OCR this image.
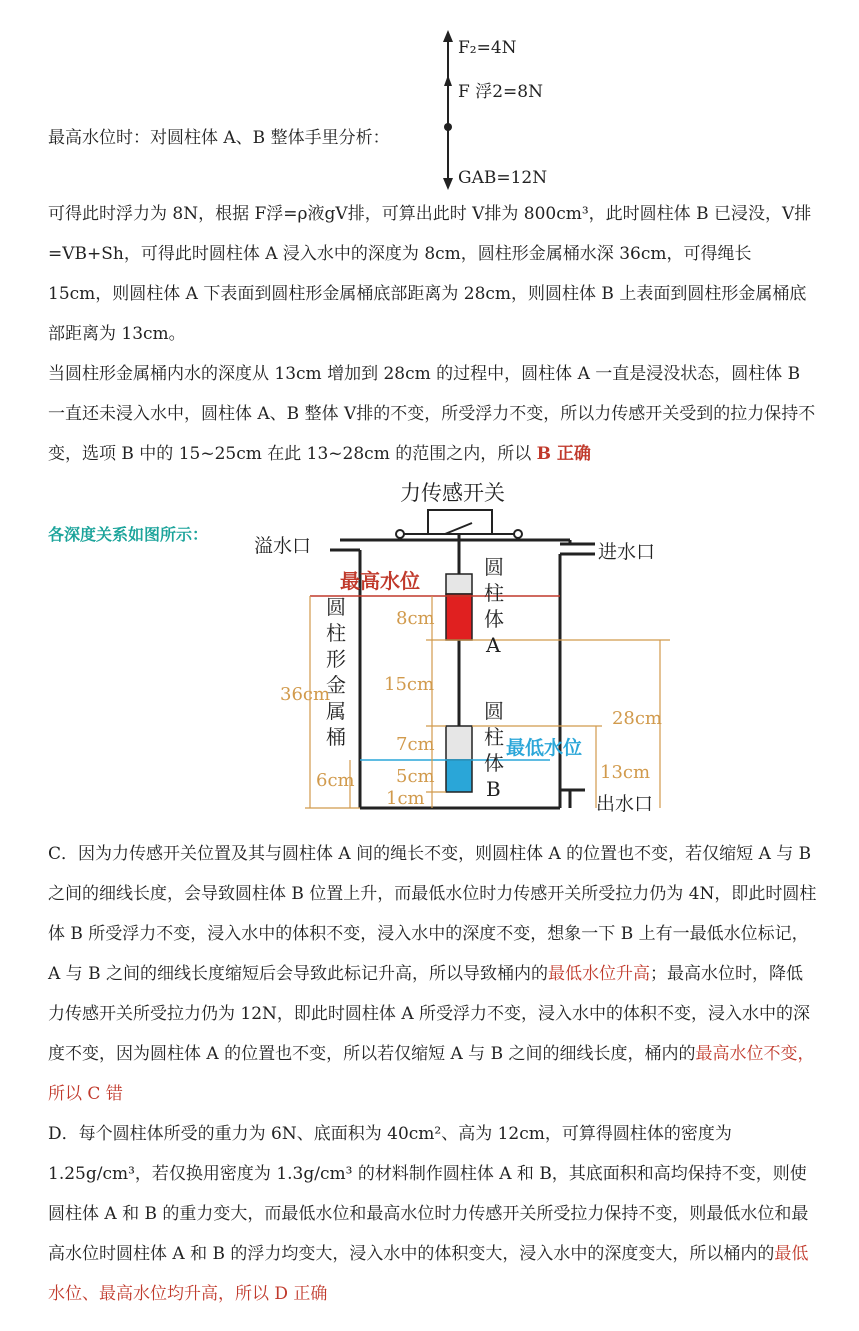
最高水位时：对圆柱体 A、B 整体手里分析：

F₂=4N
F 浮2=8N
GAB=12N

可得此时浮力为 8N，根据 F浮=ρ液gV排，可算出此时 V排为 800cm³，此时圆柱体 B 已浸没，V排=VB+Sh，可得此时圆柱体 A 浸入水中的深度为 8cm，圆柱形金属桶水深 36cm，可得绳长 15cm，则圆柱体 A 下表面到圆柱形金属桶底部距离为 28cm，则圆柱体 B 上表面到圆柱形金属桶底部距离为 13cm。

当圆柱形金属桶内水的深度从 13cm 增加到 28cm 的过程中，圆柱体 A 一直是浸没状态，圆柱体 B 一直还未浸入水中，圆柱体 A、B 整体 V排的不变，所受浮力不变，所以力传感开关受到的拉力保持不变，选项 B 中的 15~25cm 在此 13~28cm 的范围之内，所以 B 正确

各深度关系如图所示：
力传感开关
溢水口	进水口
出水口
最高水位
最低水位
圆
柱
形
金
属
桶
圆
柱
体
A
圆
柱
体
B
8cm
15cm
36cm
7cm
5cm
1cm
6cm
28cm
13cm

C．因为力传感开关位置及其与圆柱体 A 间的绳长不变，则圆柱体 A 的位置也不变，若仅缩短 A 与 B 之间的细线长度，会导致圆柱体 B 位置上升，而最低水位时力传感开关所受拉力仍为 4N，即此时圆柱体 B 所受浮力不变，浸入水中的体积不变，浸入水中的深度不变，想象一下 B 上有一最低水位标记，A 与 B 之间的细线长度缩短后会导致此标记升高，所以导致桶内的最低水位升高；最高水位时，降低力传感开关所受拉力仍为 12N，即此时圆柱体 A 所受浮力不变，浸入水中的体积不变，浸入水中的深度不变，因为圆柱体 A 的位置也不变，所以若仅缩短 A 与 B 之间的细线长度，桶内的最高水位不变，所以 C 错

D．每个圆柱体所受的重力为 6N、底面积为 40cm²、高为 12cm，可算得圆柱体的密度为 1.25g/cm³，若仅换用密度为 1.3g/cm³ 的材料制作圆柱体 A 和 B，其底面积和高均保持不变，则使圆柱体 A 和 B 的重力变大，而最低水位和最高水位时力传感开关所受拉力保持不变，则最低水位和最高水位时圆柱体 A 和 B 的浮力均变大，浸入水中的体积变大，浸入水中的深度变大，所以桶内的最低水位、最高水位均升高，所以 D 正确
